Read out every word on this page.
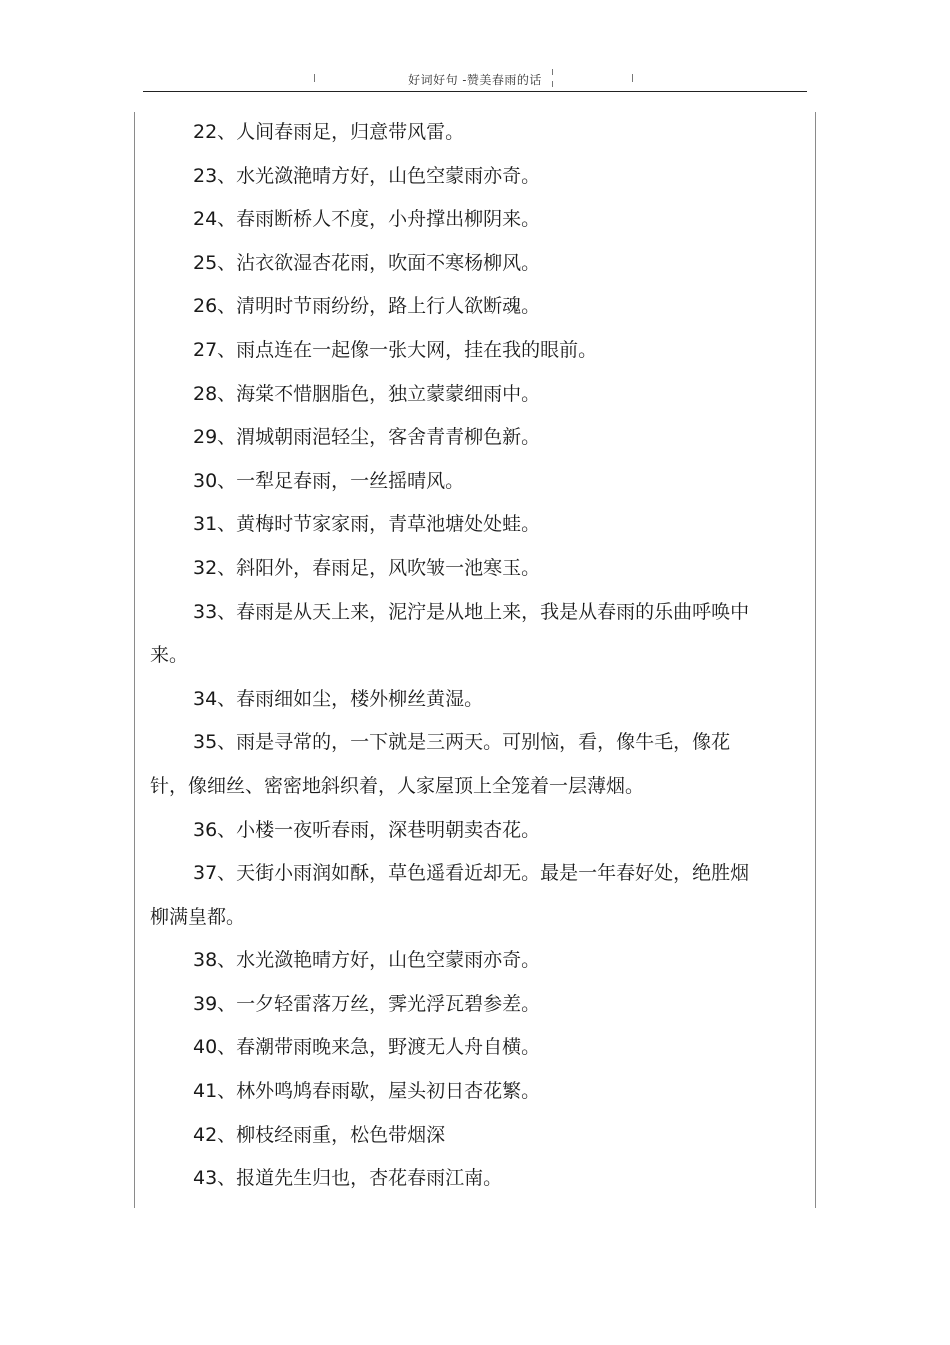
好词好句 -赞美春雨的话

22、人间春雨足，归意带风雷。

23、水光潋滟晴方好，山色空蒙雨亦奇。

24、春雨断桥人不度，小舟撑出柳阴来。

25、沾衣欲湿杏花雨，吹面不寒杨柳风。

26、清明时节雨纷纷，路上行人欲断魂。

27、雨点连在一起像一张大网，挂在我的眼前。

28、海棠不惜胭脂色，独立蒙蒙细雨中。

29、渭城朝雨浥轻尘，客舍青青柳色新。

30、一犁足春雨，一丝摇晴风。

31、黄梅时节家家雨，青草池塘处处蛙。

32、斜阳外，春雨足，风吹皱一池寒玉。

33、春雨是从天上来，泥泞是从地上来，我是从春雨的乐曲呼唤中来。

34、春雨细如尘，楼外柳丝黄湿。

35、雨是寻常的，一下就是三两天。可别恼，看，像牛毛，像花针，像细丝、密密地斜织着，人家屋顶上全笼着一层薄烟。

36、小楼一夜听春雨，深巷明朝卖杏花。

37、天街小雨润如酥，草色遥看近却无。最是一年春好处，绝胜烟柳满皇都。

38、水光潋艳晴方好，山色空蒙雨亦奇。

39、一夕轻雷落万丝，霁光浮瓦碧参差。

40、春潮带雨晚来急，野渡无人舟自横。

41、林外鸣鸠春雨歇，屋头初日杏花繁。

42、柳枝经雨重，松色带烟深

43、报道先生归也，杏花春雨江南。
